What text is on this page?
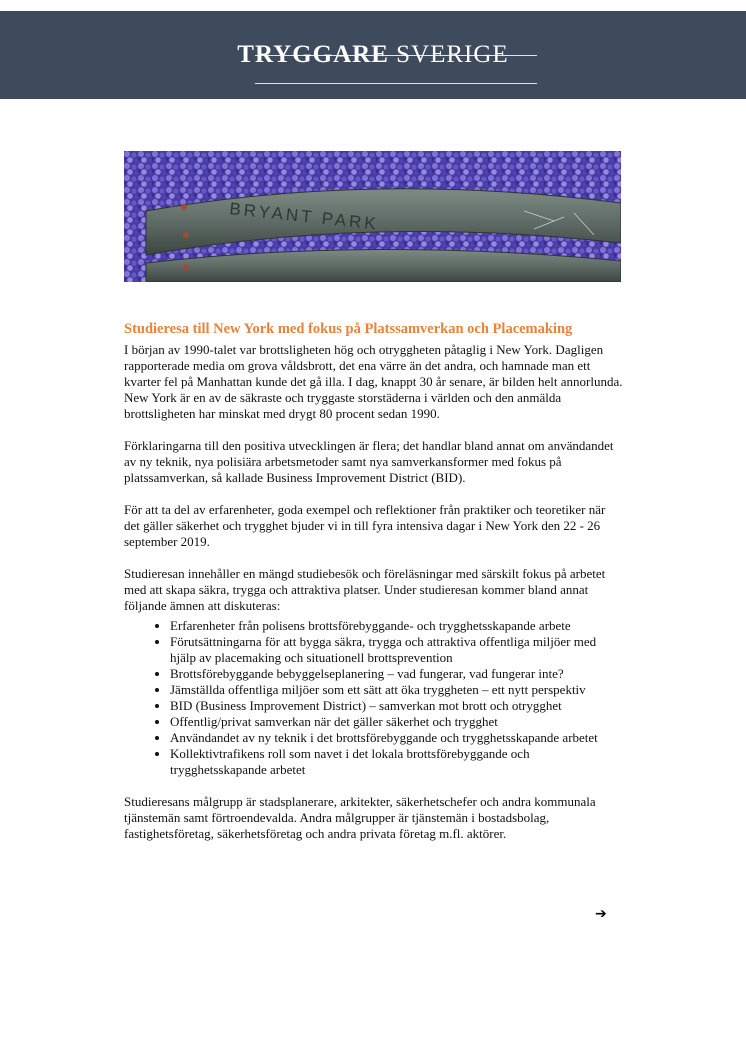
TRYGGARE SVERIGE
BRYANT PARK
Studieresa till New York med fokus på Platssamverkan och Placemaking

I början av 1990-talet var brottsligheten hög och otryggheten påtaglig i New York. Dagligen rapporterade media om grova våldsbrott, det ena värre än det andra, och hamnade man ett kvarter fel på Manhattan kunde det gå illa. I dag, knappt 30 år senare, är bilden helt annorlunda. New York är en av de säkraste och tryggaste storstäderna i världen och den anmälda brottsligheten har minskat med drygt 80 procent sedan 1990.

Förklaringarna till den positiva utvecklingen är flera; det handlar bland annat om användandet av ny teknik, nya polisiära arbetsmetoder samt nya samverkansformer med fokus på platssamverkan, så kallade Business Improvement District (BID).

För att ta del av erfarenheter, goda exempel och reflektioner från praktiker och teoretiker när det gäller säkerhet och trygghet bjuder vi in till fyra intensiva dagar i New York den 22 - 26 september 2019.

Studieresan innehåller en mängd studiebesök och föreläsningar med särskilt fokus på arbetet med att skapa säkra, trygga och attraktiva platser. Under studieresan kommer bland annat följande ämnen att diskuteras:

• Erfarenheter från polisens brottsförebyggande- och trygghetsskapande arbete
• Förutsättningarna för att bygga säkra, trygga och attraktiva offentliga miljöer med hjälp av placemaking och situationell brottsprevention
• Brottsförebyggande bebyggelseplanering – vad fungerar, vad fungerar inte?
• Jämställda offentliga miljöer som ett sätt att öka tryggheten – ett nytt perspektiv
• BID (Business Improvement District) – samverkan mot brott och otrygghet
• Offentlig/privat samverkan när det gäller säkerhet och trygghet
• Användandet av ny teknik i det brottsförebyggande och trygghetsskapande arbetet
• Kollektivtrafikens roll som navet i det lokala brottsförebyggande och trygghetsskapande arbetet

Studieresans målgrupp är stadsplanerare, arkitekter, säkerhetschefer och andra kommunala tjänstemän samt förtroendevalda. Andra målgrupper är tjänstemän i bostadsbolag, fastighetsföretag, säkerhetsföretag och andra privata företag m.fl. aktörer.

➔
